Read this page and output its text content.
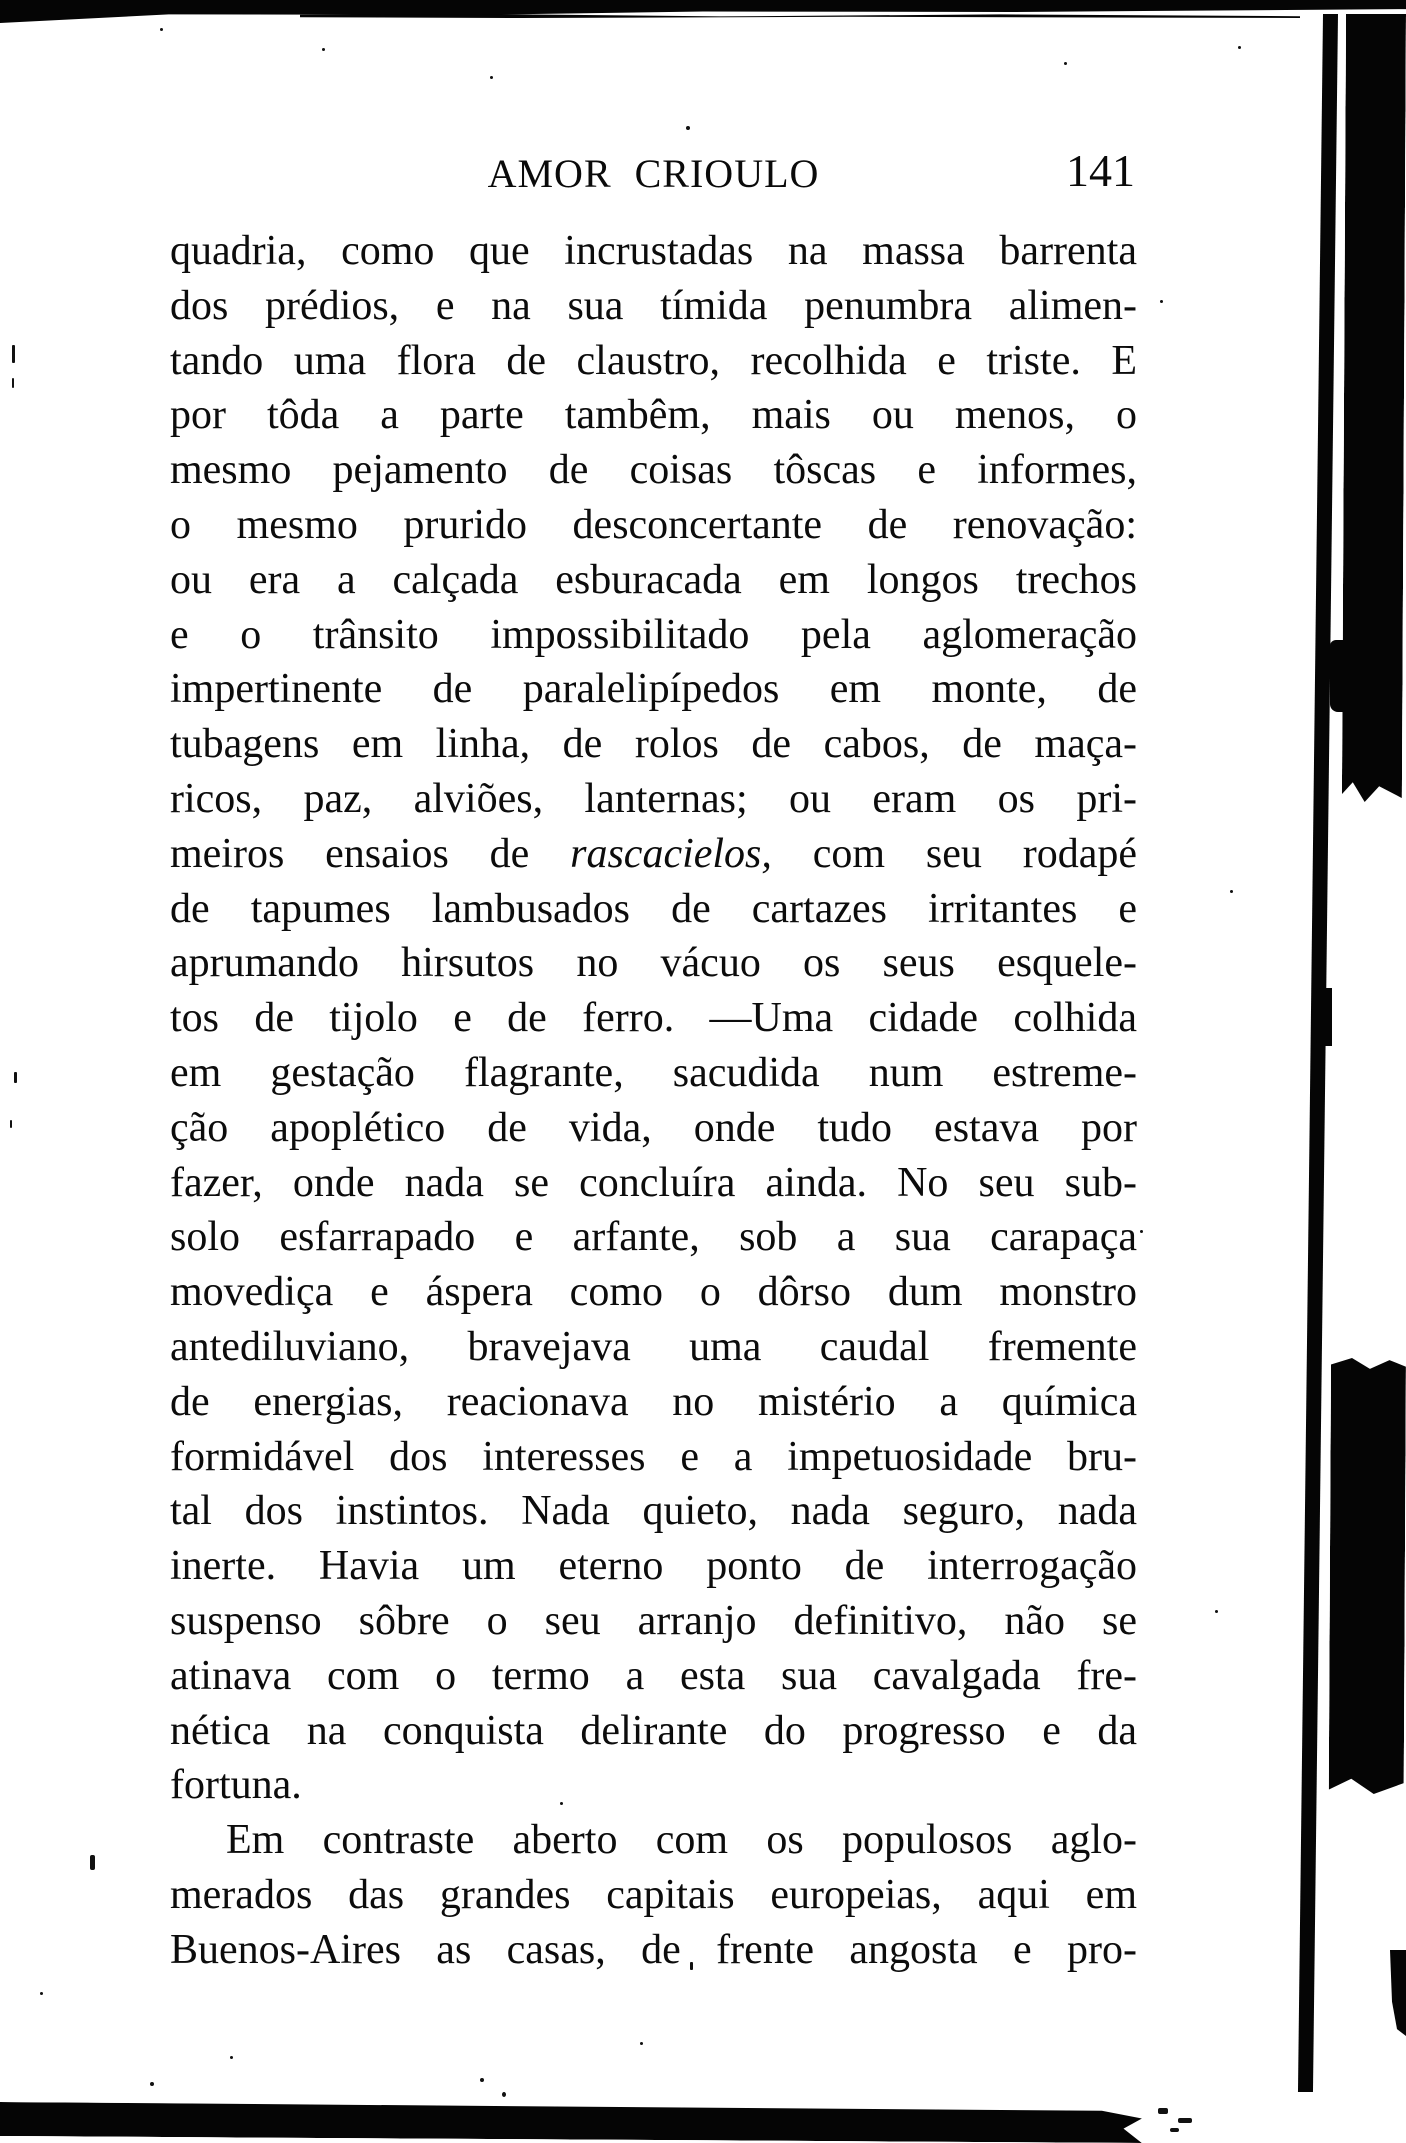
AMOR CRIOULO	141
quadria, como que incrustadas na massa barrenta
dos prédios, e na sua tímida penumbra alimen-
tando uma flora de claustro, recolhida e triste. E
por tôda a parte tambêm, mais ou menos, o
mesmo pejamento de coisas tôscas e informes,
o mesmo prurido desconcertante de renovação:
ou era a calçada esburacada em longos trechos
e o trânsito impossibilitado pela aglomeração
impertinente de paralelipípedos em monte, de
tubagens em linha, de rolos de cabos, de maça-
ricos, paz, alviões, lanternas; ou eram os pri-
meiros ensaios de rascacielos, com seu rodapé
de tapumes lambusados de cartazes irritantes e
aprumando hirsutos no vácuo os seus esquele-
tos de tijolo e de ferro. —Uma cidade colhida
em gestação flagrante, sacudida num estreme-
ção apoplético de vida, onde tudo estava por
fazer, onde nada se concluíra ainda. No seu sub-
solo esfarrapado e arfante, sob a sua carapaça
movediça e áspera como o dôrso dum monstro
antediluviano, bravejava uma caudal fremente
de energias, reacionava no mistério a química
formidável dos interesses e a impetuosidade bru-
tal dos instintos. Nada quieto, nada seguro, nada
inerte. Havia um eterno ponto de interrogação
suspenso sôbre o seu arranjo definitivo, não se
atinava com o termo a esta sua cavalgada fre-
nética na conquista delirante do progresso e da
fortuna.
Em contraste aberto com os populosos aglo-
merados das grandes capitais europeias, aqui em
Buenos-Aires as casas, de frente angosta e pro-
